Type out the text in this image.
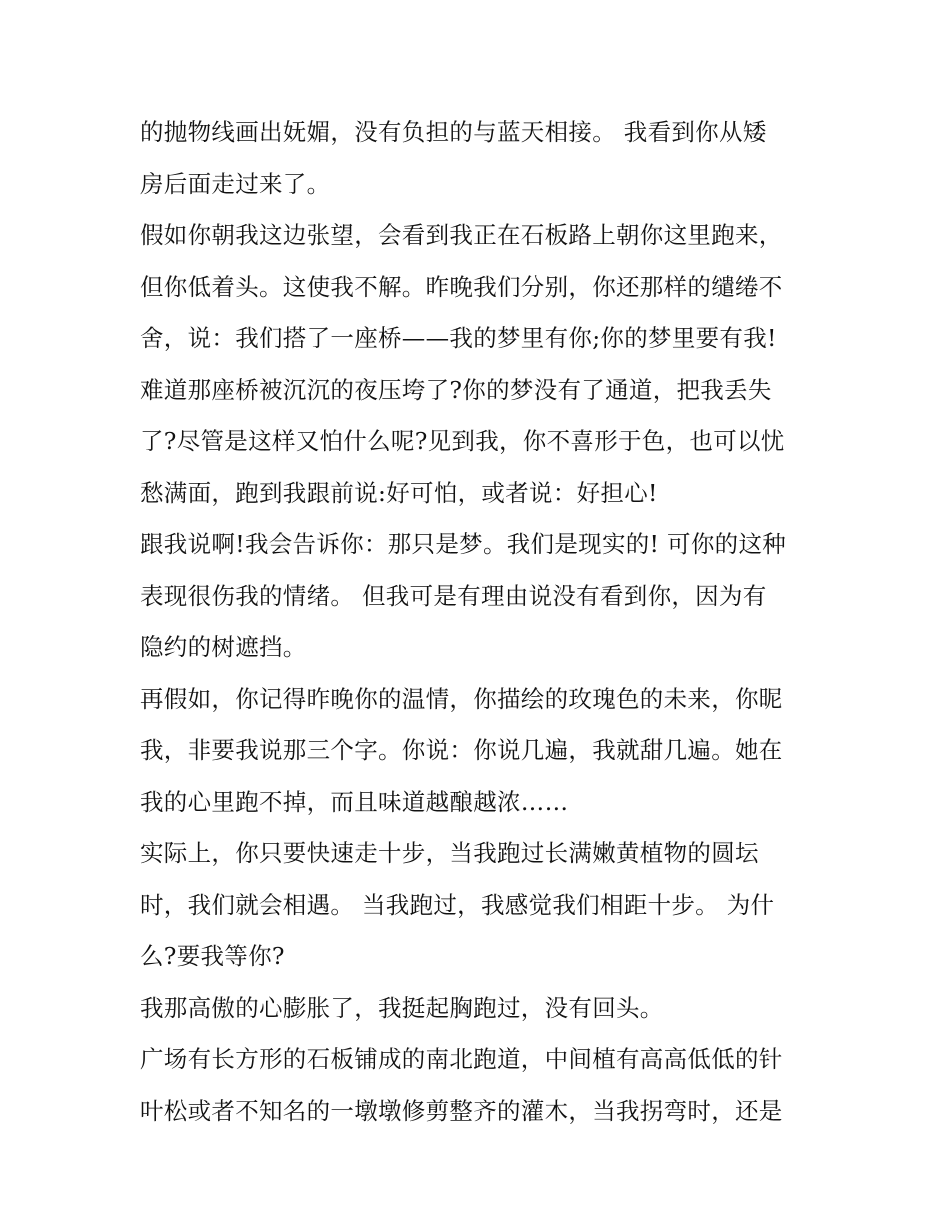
的抛物线画出妩媚，没有负担的与蓝天相接。 我看到你从矮
房后面走过来了。
假如你朝我这边张望，会看到我正在石板路上朝你这里跑来，
但你低着头。这使我不解。昨晚我们分别，你还那样的缱绻不
舍，说：我们搭了一座桥——我的梦里有你;你的梦里要有我!
难道那座桥被沉沉的夜压垮了?你的梦没有了通道，把我丢失
了?尽管是这样又怕什么呢?见到我，你不喜形于色，也可以忧
愁满面，跑到我跟前说:好可怕，或者说：好担心!
跟我说啊!我会告诉你：那只是梦。我们是现实的! 可你的这种
表现很伤我的情绪。 但我可是有理由说没有看到你，因为有
隐约的树遮挡。
再假如，你记得昨晚你的温情，你描绘的玫瑰色的未来，你昵
我，非要我说那三个字。你说：你说几遍，我就甜几遍。她在
我的心里跑不掉，而且味道越酿越浓……
实际上，你只要快速走十步，当我跑过长满嫩黄植物的圆坛
时，我们就会相遇。 当我跑过，我感觉我们相距十步。 为什
么?要我等你?
我那高傲的心膨胀了，我挺起胸跑过，没有回头。
广场有长方形的石板铺成的南北跑道，中间植有高高低低的针
叶松或者不知名的一墩墩修剪整齐的灌木，当我拐弯时，还是
